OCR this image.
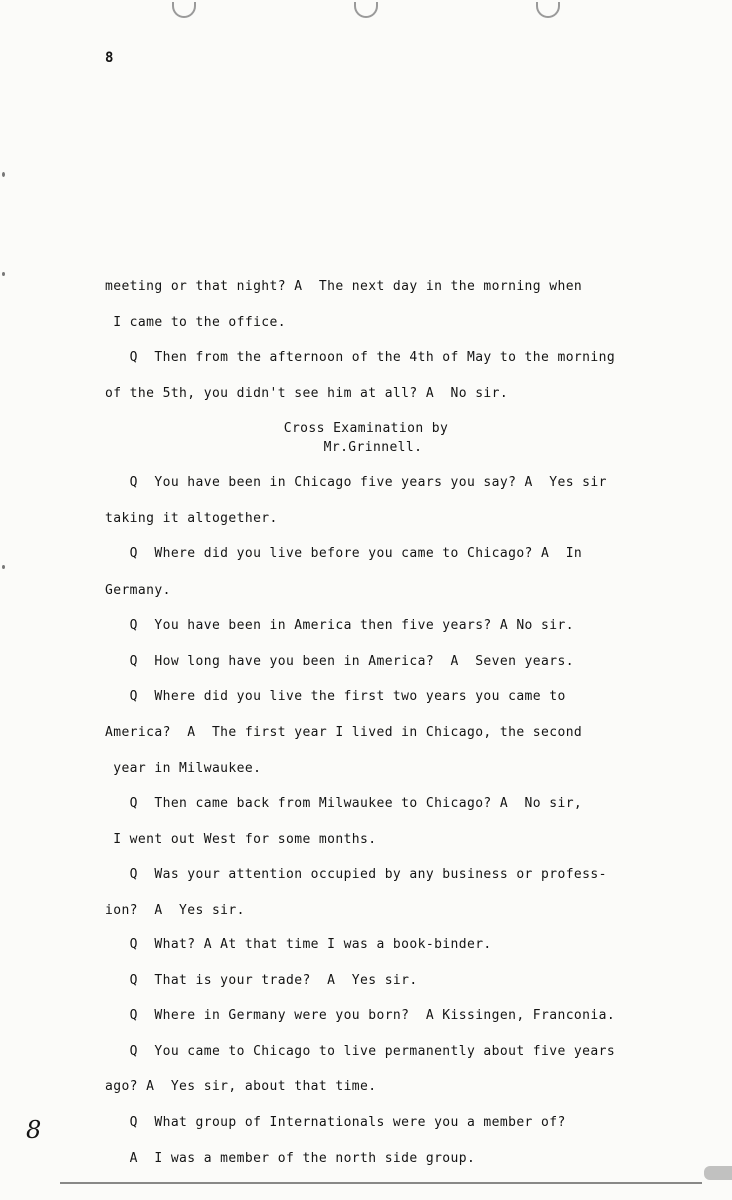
8
meeting or that night? A  The next day in the morning when
I came to the office.
Q  Then from the afternoon of the 4th of May to the morning
of the 5th, you didn't see him at all? A  No sir.
Cross Examination by
Mr.Grinnell.
Q  You have been in Chicago five years you say? A  Yes sir
taking it altogether.
Q  Where did you live before you came to Chicago? A  In
Germany.
Q  You have been in America then five years? A No sir.
Q  How long have you been in America?  A  Seven years.
Q  Where did you live the first two years you came to
America?  A  The first year I lived in Chicago, the second
year in Milwaukee.
Q  Then came back from Milwaukee to Chicago? A  No sir,
I went out West for some months.
Q  Was your attention occupied by any business or profess-
ion?  A  Yes sir.
Q  What? A At that time I was a book-binder.
Q  That is your trade?  A  Yes sir.
Q  Where in Germany were you born?  A Kissingen, Franconia.
Q  You came to Chicago to live permanently about five years
ago? A  Yes sir, about that time.
Q  What group of Internationals were you a member of?
A  I was a member of the north side group.
8
